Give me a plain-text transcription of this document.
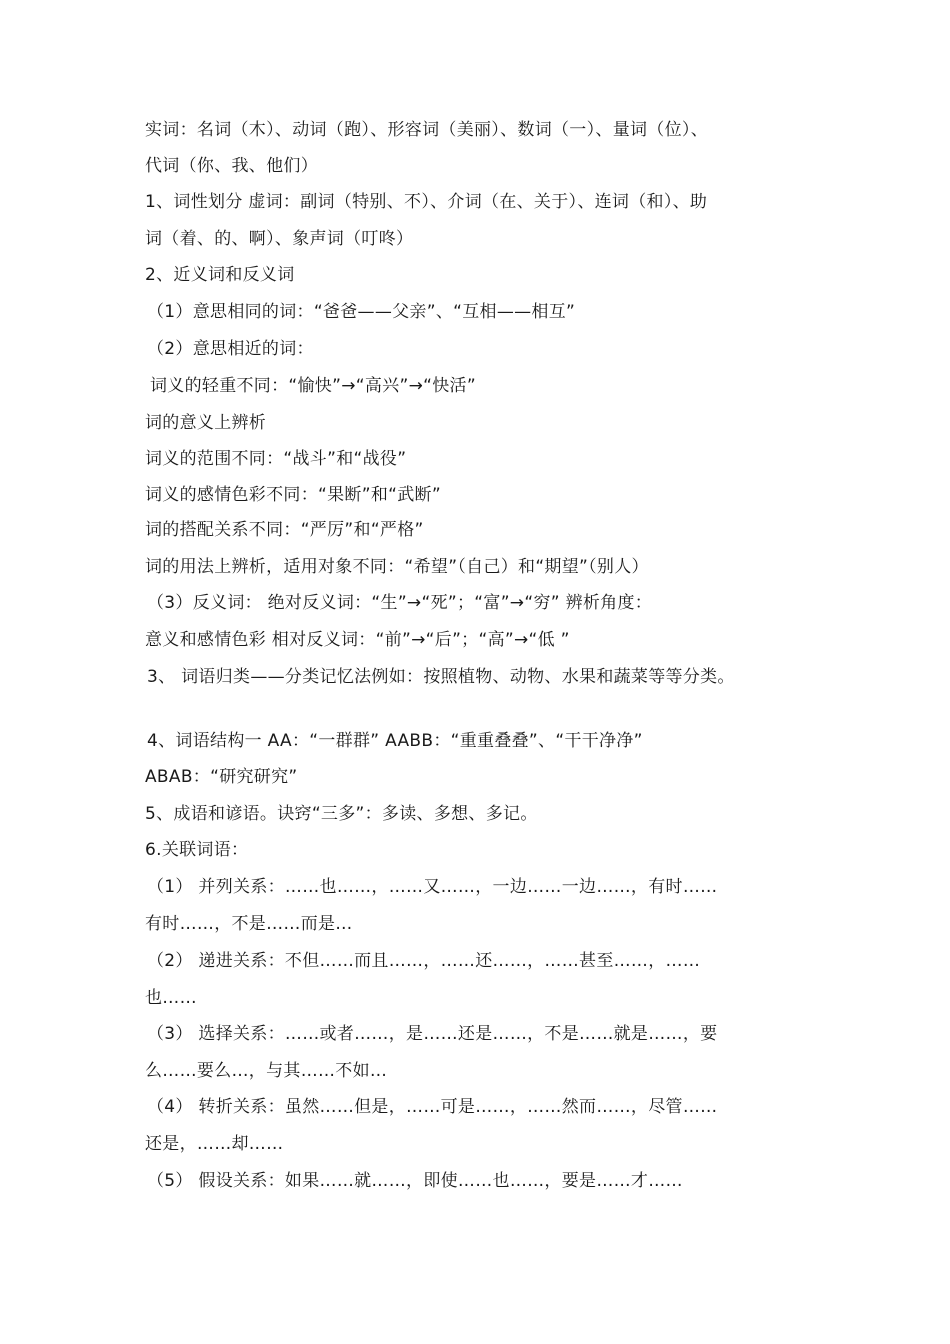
实词：名词（木）、动词（跑）、形容词（美丽）、数词（一）、量词（位）、
代词（你、我、他们）
1、词性划分 虚词：副词（特别、不）、介词（在、关于）、连词（和）、助
词（着、的、啊）、象声词（叮咚）
2、近义词和反义词
（1）意思相同的词：“爸爸——父亲”、“互相——相互”
（2）意思相近的词：
词义的轻重不同：“愉快”→“高兴”→“快活”
词的意义上辨析
词义的范围不同：“战斗”和“战役”
词义的感情色彩不同：“果断”和“武断”
词的搭配关系不同：“严厉”和“严格”
词的用法上辨析，适用对象不同：“希望”（自己）和“期望”（别人）
（3）反义词： 绝对反义词：“生”→“死”；“富”→“穷” 辨析角度：
意义和感情色彩 相对反义词：“前”→“后”；“高”→“低 ”
3、 词语归类——分类记忆法例如：按照植物、动物、水果和蔬菜等等分类。
4、词语结构一 AA：“一群群” AABB：“重重叠叠”、“干干净净”
ABAB：“研究研究”
5、成语和谚语。诀窍“三多”：多读、多想、多记。
6.关联词语：
（1） 并列关系：……也……，……又……，一边……一边……，有时……
有时……，不是……而是…
（2） 递进关系：不但……而且……，……还……，……甚至……，……
也……
（3） 选择关系：……或者……，是……还是……，不是……就是……，要
么……要么…，与其……不如…
（4） 转折关系：虽然……但是，……可是……，……然而……，尽管……
还是，……却……
（5） 假设关系：如果……就……，即使……也……，要是……才……
